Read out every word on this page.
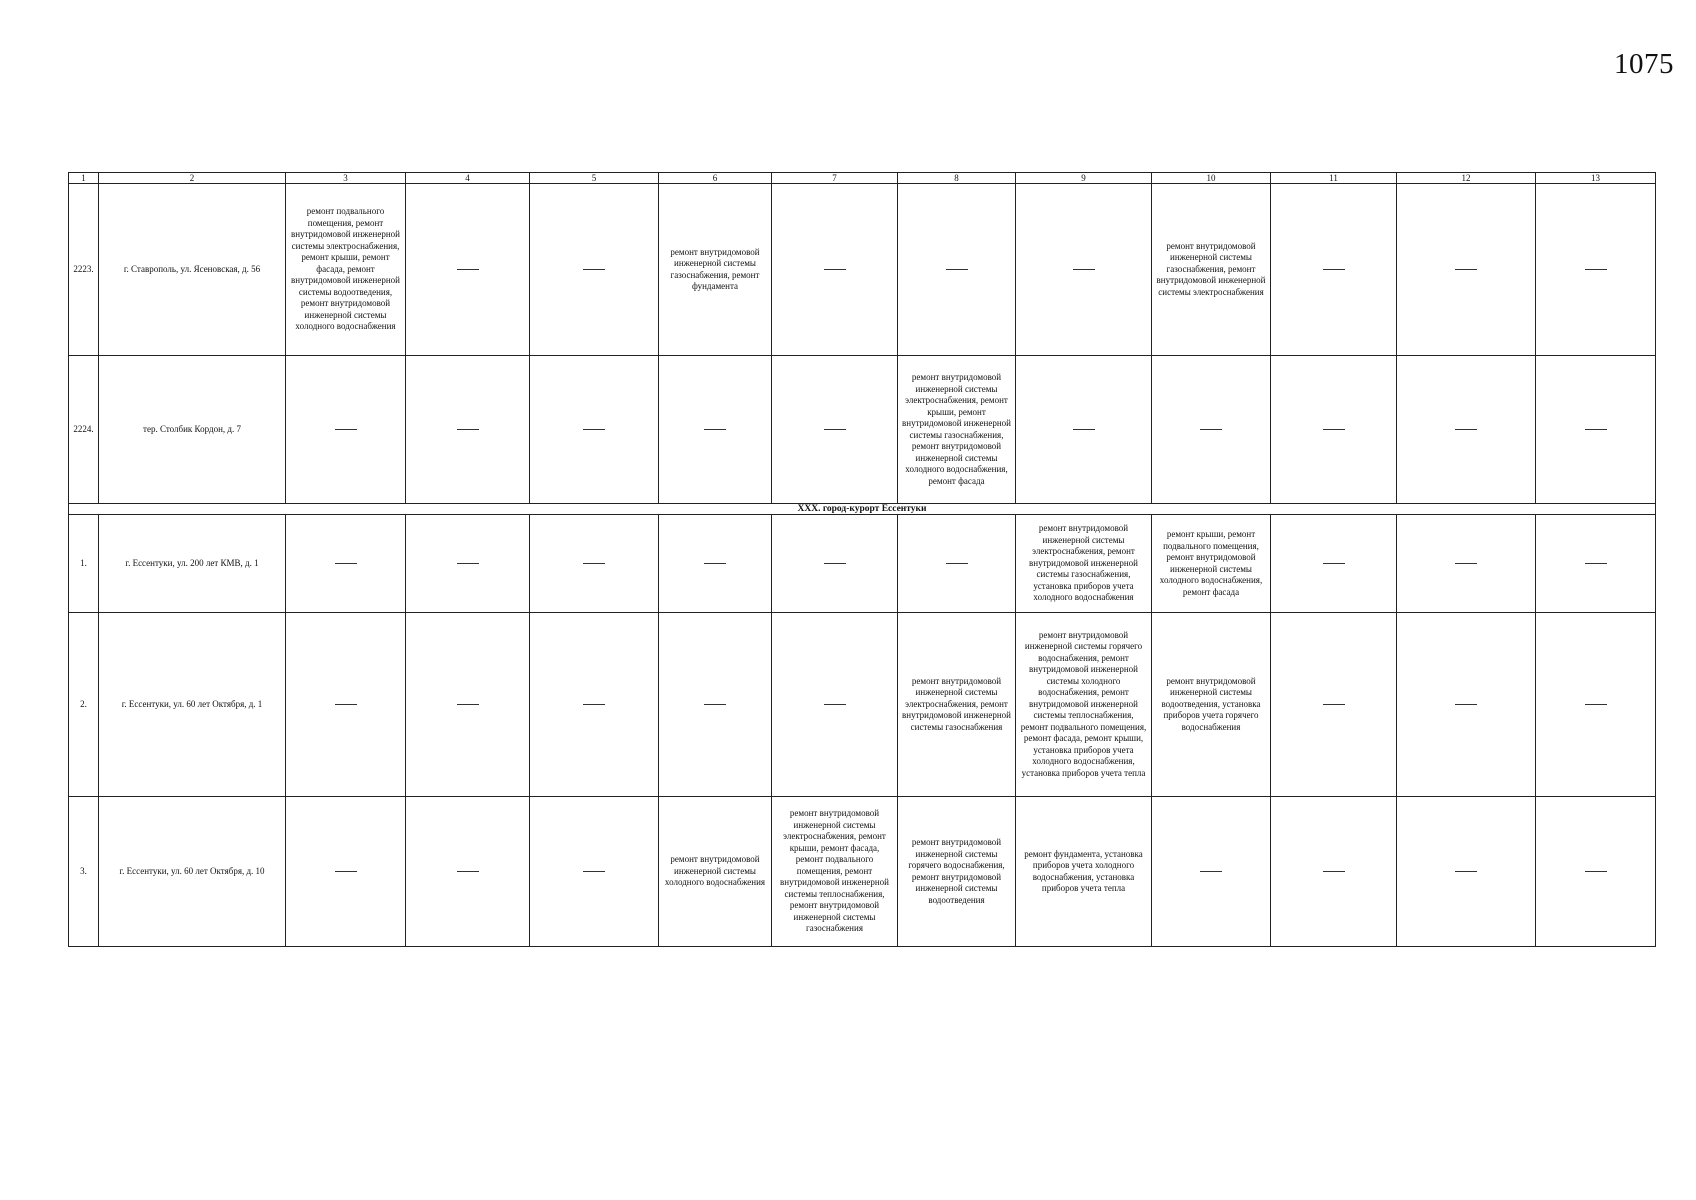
1075
1	2	3	4	5	6	7	8	9	10	11	12	13
2223.	г. Ставрополь, ул. Ясеновская, д. 56	ремонт подвального помещения, ремонт внутридомовой инженерной системы электроснабжения, ремонт крыши, ремонт фасада, ремонт внутридомовой инженерной системы водоотведения, ремонт внутридомовой инженерной системы холодного водоснабжения			ремонт внутридомовой инженерной системы газоснабжения, ремонт фундамента				ремонт внутридомовой инженерной системы газоснабжения, ремонт внутридомовой инженерной системы электроснабжения			
2224.	тер. Столбик Кордон, д. 7						ремонт внутридомовой инженерной системы электроснабжения, ремонт крыши, ремонт внутридомовой инженерной системы газоснабжения, ремонт внутридомовой инженерной системы холодного водоснабжения, ремонт фасада					
XXX. город-курорт Ессентуки												
1.	г. Ессентуки, ул. 200 лет КМВ, д. 1							ремонт внутридомовой инженерной системы электроснабжения, ремонт внутридомовой инженерной системы газоснабжения, установка приборов учета холодного водоснабжения	ремонт крыши, ремонт подвального помещения, ремонт внутридомовой инженерной системы холодного водоснабжения, ремонт фасада			
2.	г. Ессентуки, ул. 60 лет Октября, д. 1						ремонт внутридомовой инженерной системы электроснабжения, ремонт внутридомовой инженерной системы газоснабжения	ремонт внутридомовой инженерной системы горячего водоснабжения, ремонт внутридомовой инженерной системы холодного водоснабжения, ремонт внутридомовой инженерной системы теплоснабжения, ремонт подвального помещения, ремонт фасада, ремонт крыши, установка приборов учета холодного водоснабжения, установка приборов учета тепла	ремонт внутридомовой инженерной системы водоотведения, установка приборов учета горячего водоснабжения			
3.	г. Ессентуки, ул. 60 лет Октября, д. 10				ремонт внутридомовой инженерной системы холодного водоснабжения	ремонт внутридомовой инженерной системы электроснабжения, ремонт крыши, ремонт фасада, ремонт подвального помещения, ремонт внутридомовой инженерной системы теплоснабжения, ремонт внутридомовой инженерной системы газоснабжения	ремонт внутридомовой инженерной системы горячего водоснабжения, ремонт внутридомовой инженерной системы водоотведения	ремонт фундамента, установка приборов учета холодного водоснабжения, установка приборов учета тепла				
